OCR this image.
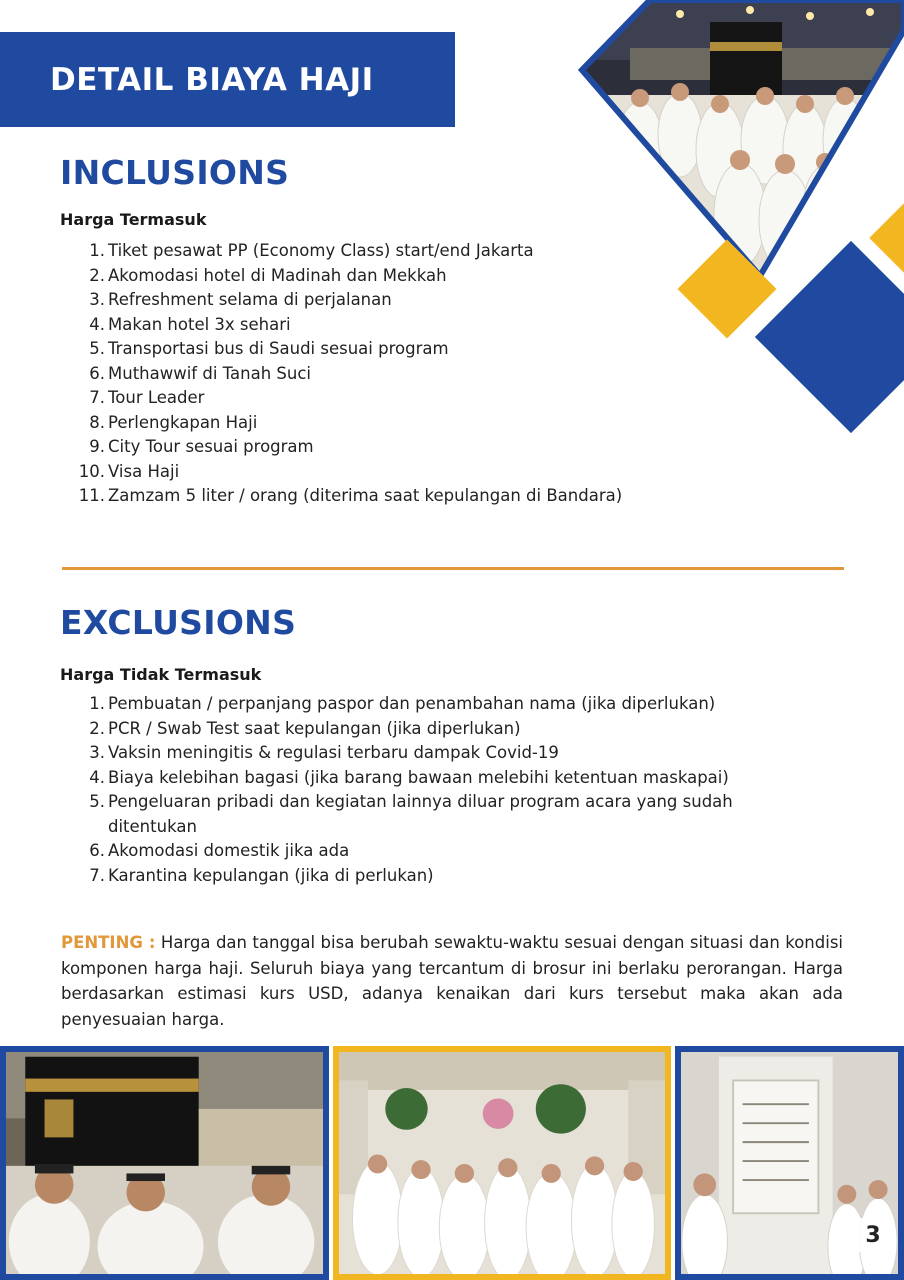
DETAIL BIAYA HAJI
INCLUSIONS
Harga Termasuk
1. Tiket pesawat PP (Economy Class) start/end Jakarta
2. Akomodasi hotel di Madinah dan Mekkah
3. Refreshment selama di perjalanan
4. Makan hotel 3x sehari
5. Transportasi bus di Saudi sesuai program
6. Muthawwif di Tanah Suci
7. Tour Leader
8. Perlengkapan Haji
9. City Tour sesuai program
10. Visa Haji
11. Zamzam 5 liter / orang (diterima saat kepulangan di Bandara)
EXCLUSIONS
Harga Tidak Termasuk
1. Pembuatan / perpanjang paspor dan penambahan nama (jika diperlukan)
2. PCR / Swab Test saat kepulangan (jika diperlukan)
3. Vaksin meningitis & regulasi terbaru dampak Covid-19
4. Biaya kelebihan bagasi (jika barang bawaan melebihi ketentuan maskapai)
5. Pengeluaran pribadi dan kegiatan lainnya diluar program acara yang sudah ditentukan
6. Akomodasi domestik jika ada
7. Karantina kepulangan (jika di perlukan)

PENTING : Harga dan tanggal bisa berubah sewaktu-waktu sesuai dengan situasi dan kondisi komponen harga haji. Seluruh biaya yang tercantum di brosur ini berlaku perorangan. Harga berdasarkan estimasi kurs USD, adanya kenaikan dari kurs tersebut maka akan ada penyesuaian harga.

3
